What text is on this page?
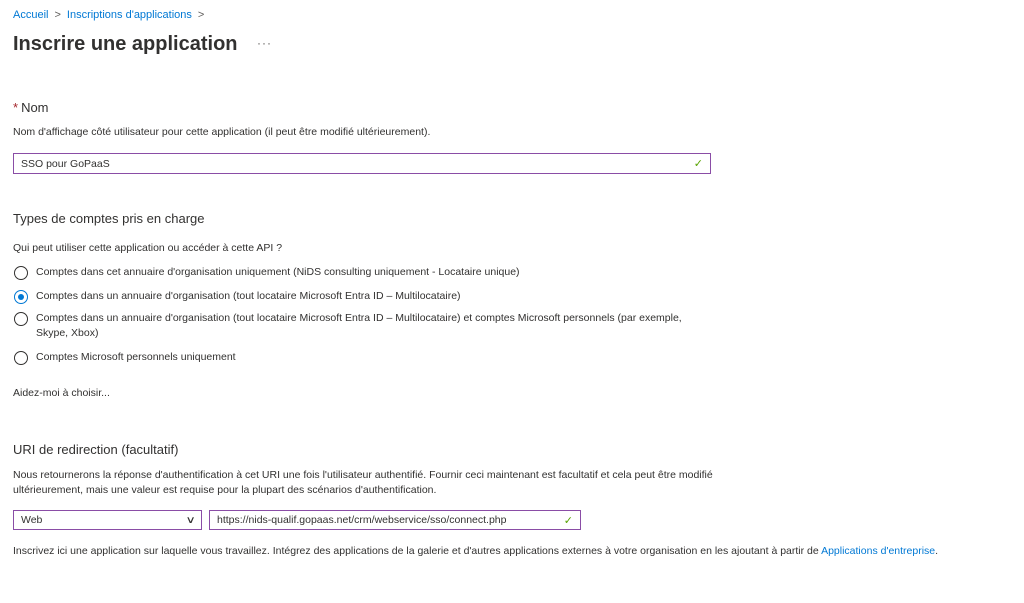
Accueil > Inscriptions d'applications >
Inscrire une application ···
* Nom
Nom d'affichage côté utilisateur pour cette application (il peut être modifié ultérieurement).
SSO pour GoPaaS	✓
Types de comptes pris en charge
Qui peut utiliser cette application ou accéder à cette API ?
Comptes dans cet annuaire d'organisation uniquement (NiDS consulting uniquement - Locataire unique)
Comptes dans un annuaire d'organisation (tout locataire Microsoft Entra ID – Multilocataire)
Comptes dans un annuaire d'organisation (tout locataire Microsoft Entra ID – Multilocataire) et comptes Microsoft personnels (par exemple, Skype, Xbox)
Comptes Microsoft personnels uniquement
Aidez-moi à choisir...
URI de redirection (facultatif)
Nous retournerons la réponse d'authentification à cet URI une fois l'utilisateur authentifié. Fournir ceci maintenant est facultatif et cela peut être modifié ultérieurement, mais une valeur est requise pour la plupart des scénarios d'authentification.
Web	∨ https://nids-qualif.gopaas.net/crm/webservice/sso/connect.php	✓
Inscrivez ici une application sur laquelle vous travaillez. Intégrez des applications de la galerie et d'autres applications externes à votre organisation en les ajoutant à partir de Applications d'entreprise.
